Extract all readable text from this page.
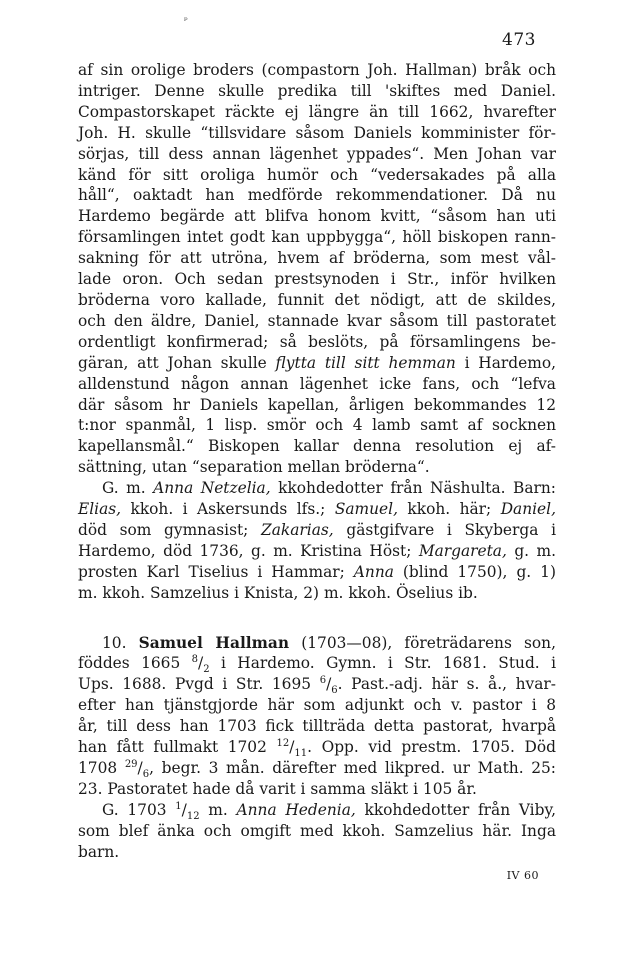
ᵖ
473
af sin orolige broders (compastorn Joh. Hallman) bråk och
intriger. Denne skulle predika till 'skiftes med Daniel.
Compastorskapet räckte ej längre än till 1662, hvarefter
Joh. H. skulle “tillsvidare såsom Daniels komminister för-
sörjas, till dess annan lägenhet yppades“. Men Johan var
känd för sitt oroliga humör och “vedersakades på alla
håll“, oaktadt han medförde rekommendationer. Då nu
Hardemo begärde att blifva honom kvitt, “såsom han uti
församlingen intet godt kan uppbygga“, höll biskopen rann-
sakning för att utröna, hvem af bröderna, som mest vål-
lade oron. Och sedan prestsynoden i Str., inför hvilken
bröderna voro kallade, funnit det nödigt, att de skildes,
och den äldre, Daniel, stannade kvar såsom till pastoratet
ordentligt konfirmerad; så beslöts, på församlingens be-
gäran, att Johan skulle flytta till sitt hemman i Hardemo,
alldenstund någon annan lägenhet icke fans, och “lefva
där såsom hr Daniels kapellan, årligen bekommandes 12
t:nor spanmål, 1 lisp. smör och 4 lamb samt af socknen
kapellansmål.“ Biskopen kallar denna resolution ej af-
sättning, utan “separation mellan bröderna“.
G. m. Anna Netzelia, kkohdedotter från Näshulta. Barn:
Elias, kkoh. i Askersunds lfs.; Samuel, kkoh. här; Daniel,
död som gymnasist; Zakarias, gästgifvare i Skyberga i
Hardemo, död 1736, g. m. Kristina Höst; Margareta, g. m.
prosten Karl Tiselius i Hammar; Anna (blind 1750), g. 1)
m. kkoh. Samzelius i Knista, 2) m. kkoh. Öselius ib.
10. Samuel Hallman (1703—08), företrädarens son,
föddes 1665 $^8/_2$ i Hardemo. Gymn. i Str. 1681. Stud. i
Ups. 1688. Pvgd i Str. 1695 $^6/_6$. Past.-adj. här s. å., hvar-
efter han tjänstgjorde här som adjunkt och v. pastor i 8
år, till dess han 1703 fick tillträda detta pastorat, hvarpå
han fått fullmakt 1702 $^{12}/_{11}$. Opp. vid prestm. 1705. Död
1708 $^{29}/_6$, begr. 3 mån. därefter med likpred. ur Math. 25:
23. Pastoratet hade då varit i samma släkt i 105 år.
G. 1703 $^1/_{12}$ m. Anna Hedenia, kkohdedotter från Viby,
som blef änka och omgift med kkoh. Samzelius här. Inga
barn.
IV 60
